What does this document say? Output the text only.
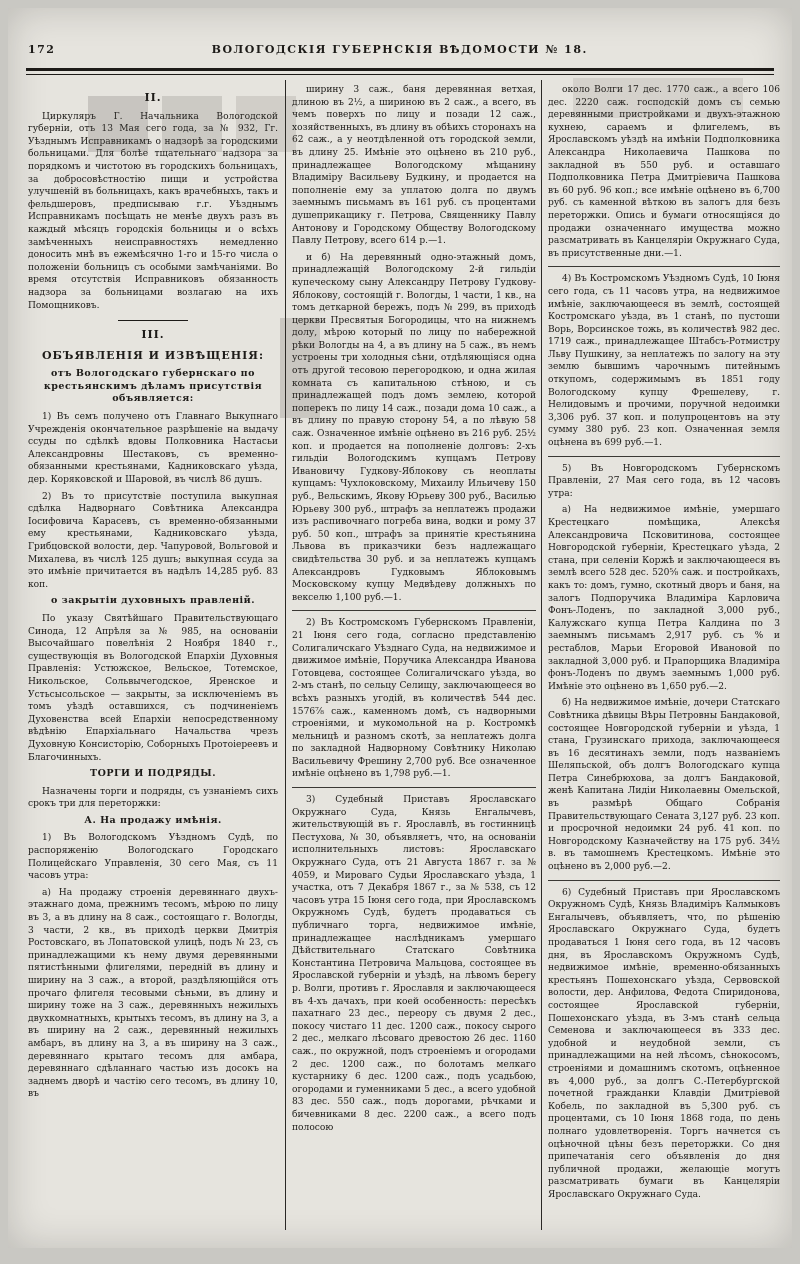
172	ВОЛОГОДСКІЯ ГУБЕРНСКІЯ ВѢДОМОСТИ № 18.
II.

Циркуляръ Г. Начальника Вологодской губерніи, отъ 13 Мая сего года, за № 932, Гг. Уѣзднымъ Исправникамъ о надзорѣ за городскими больницами. Для болѣе тщательнаго надзора за порядкомъ и чистотою въ городскихъ больницахъ, за добросовѣстностію пищи и устройства улучшеній въ больницахъ, какъ врачебныхъ, такъ и фельдшеровъ, предписываю г.г. Уѣзднымъ Исправникамъ посѣщать не менѣе двухъ разъ въ каждый мѣсяцъ городскія больницы и о всѣхъ замѣченныхъ неисправностяхъ немедленно доносить мнѣ въ ежемѣсячно 1-го и 15-го числа о положеніи больницъ съ особыми замѣчаніями. Во время отсутствія Исправниковъ обязанность надзора за больницами возлагаю на ихъ Помощниковъ.

III.
ОБЪЯВЛЕНІЯ И ИЗВѢЩЕНІЯ:
отъ Вологодскаго губернскаго по крестьянскимъ дѣламъ присутствія объявляется:

1) Въ семъ получено отъ Главнаго Выкупнаго Учрежденія окончательное разрѣшеніе на выдачу ссуды по сдѣлкѣ вдовы Полковника Настасьи Александровны Шестаковъ, съ временно-обязанными крестьянами, Кадниковскаго уѣзда, дер. Коряковской и Шаровой, въ числѣ 86 душъ.

2) Въ то присутствіе поступила выкупная сдѣлка Надворнаго Совѣтника Александра Іосифовича Карасевъ, съ временно-обязанными ему крестьянами, Кадниковскаго уѣзда, Грибцовской волости, дер. Чапуровой, Вольговой и Михалева, въ числѣ 125 душъ; выкупная ссуда за это имѣніе причитается въ надѣлъ 14,285 руб. 83 коп.

о закрытіи духовныхъ правленій.

По указу Святѣйшаго Правительствующаго Синода, 12 Апрѣля за № 985, на основаніи Высочайшаго повелѣнія 2 Ноября 1840 г., существующія въ Вологодской Епархіи Духовныя Правленія: Устюжское, Вельское, Тотемское, Никольское, Сольвычегодское, Яренское и Устьсысольское — закрыты, за исключеніемъ въ томъ уѣздѣ оставшихся, съ подчиненіемъ Духовенства всей Епархіи непосредственному вѣдѣнію Епархіальнаго Начальства чрезъ Духовную Консисторію, Соборныхъ Протоіереевъ и Благочинныхъ.

ТОРГИ И ПОДРЯДЫ.

Назначены торги и подряды, съ узнаніемъ сихъ срокъ три для переторжки:

А. На продажу имѣнія.

1) Въ Вологодскомъ Уѣздномъ Судѣ, по распоряженію Вологодскаго Городскаго Полицейскаго Управленія, 30 сего Мая, съ 11 часовъ утра:

а) На продажу строенія деревяннаго двухъ-этажнаго дома, прежнимъ тесомъ, мѣрою по лицу въ 3, а въ длину на 8 саж., состоящаго г. Вологды, 3 части, 2 кв., въ приходѣ церкви Дмитрія Ростовскаго, въ Лопатовской улицѣ, подъ № 23, съ принадлежащими къ нему двумя деревянными пятистѣнными флигелями, передній въ длину и ширину на 3 саж., а второй, раздѣляющійся отъ прочаго флигеля тесовыми сѣньми, въ длину и ширину тоже на 3 саж., деревянныхъ нежилыхъ двухкомнатныхъ, крытыхъ тесомъ, въ длину на 3, а въ ширину на 2 саж., деревянный нежилыхъ амбаръ, въ длину на 3, а въ ширину на 3 саж., деревяннаго крытаго тесомъ для амбара, деревяннаго сдѣланнаго частью изъ досокъ на заднемъ дворѣ и частію сего тесомъ, въ длину 10, въ

ширину 3 саж., баня деревянная ветхая, длиною въ 2½, а шириною въ 2 саж., а всего, въ чемъ поверхъ по лицу и позади 12 саж., хозяйственныхъ, въ длину въ обѣихъ сторонахъ на 62 саж., а у неотдѣленной отъ городской земли, въ длину 25. Имѣніе это оцѣнено въ 210 руб., принадлежащее Вологодскому мѣщанину Владиміру Васильеву Будкину, и продается на пополненіе ему за уплатою долга по двумъ заемнымъ письмамъ въ 161 руб. съ процентами душеприкащику г. Петрова, Священнику Павлу Антонову и Городскому Обществу Вологодскому Павлу Петрову, всего 614 р.—1.

и б) На деревянный одно-этажный домъ, принадлежащій Вологодскому 2-й гильдіи купеческому сыну Александру Петрову Гудкову-Яблокову, состоящій г. Вологды, 1 части, 1 кв., на томъ деткарной бережъ, подъ № 299, въ приходѣ церкви Пресвятыя Богородицы, что на нижнемъ долу, мѣрою который по лицу по набережной рѣки Вологды на 4, а въ длину на 5 саж., въ немъ устроены три холодныя сѣни, отдѣляющіяся одна отъ другой тесовою перегородкою, и одна жилая комната съ капитальною стѣною, и съ принадлежащей подъ домъ землею, которой поперекъ по лицу 14 саж., позади дома 10 саж., а въ длину по правую сторону 54, а по лѣвую 58 саж. Означенное имѣніе оцѣнено въ 216 руб. 25½ коп. и продается на пополненіе долговъ: 2-хъ гильдіи Вологодскимъ купцамъ Петрову Ивановичу Гудкову-Яблокову съ неоплаты купцамъ: Чухлоковскому, Михаилу Ильичеву 150 руб., Вельскимъ, Якову Юрьеву 300 руб., Василью Юрьеву 300 руб., штрафъ за неплатежъ продажи изъ распивочнаго погреба вина, водки и рому 37 руб. 50 коп., штрафъ за принятіе крестьянина Львова въ приказчики безъ надлежащаго свидѣтельства 30 руб. и за неплатежъ купцамъ Александровъ Гудковымъ Яблоковымъ Московскому купцу Медвѣдеву должныхъ по векселю 1,100 руб.—1.

2) Въ Костромскомъ Губернскомъ Правленіи, 21 Іюня сего года, согласно представленію Солигаличскаго Уѣзднаго Суда, на недвижимое и движимое имѣніе, Поручика Александра Иванова Готовцева, состоящее Солигаличскаго уѣзда, во 2-мъ станѣ, по сельцу Селищу, заключающееся во всѣхъ разныхъ угодій, въ количествѣ 544 дес. 1576⅞ саж., каменномъ домѣ, съ надворными строеніями, и мукомольной на р. Костромкѣ мельницѣ и разномъ скотѣ, за неплатежъ долга по закладной Надворному Совѣтнику Николаю Васильевичу Фрешину 2,700 руб. Все означенное имѣніе оцѣнено въ 1,798 руб.—1.

3) Судебный Приставъ Ярославскаго Окружнаго Суда, Князь Енгалычевъ, жительствующій въ г. Ярославлѣ, въ гостинницѣ Пестухова, № 30, объявляетъ, что, на основаніи исполнительныхъ листовъ: Ярославскаго Окружнаго Суда, отъ 21 Августа 1867 г. за № 4059, и Мироваго Судьи Ярославскаго уѣзда, 1 участка, отъ 7 Декабря 1867 г., за № 538, съ 12 часовъ утра 15 Іюня сего года, при Ярославскомъ Окружномъ Судѣ, будетъ продаваться съ публичнаго торга, недвижимое имѣніе, принадлежащее наслѣдникамъ умершаго Дѣйствительнаго Статскаго Совѣтника Константина Петровича Мальцова, состоящее въ Ярославской губерніи и уѣздѣ, на лѣвомъ берегу р. Волги, противъ г. Ярославля и заключающееся въ 4-хъ дачахъ, при коей особенность: пересѣкъ пахатнаго 23 дес., переору съ двумя 2 дес., покосу чистаго 11 дес. 1200 саж., покосу сырого 2 дес., мелкаго лѣсоваго древостою 26 дес. 1160 саж., по окружной, подъ строеніемъ и огородами 2 дес. 1200 саж., по болотамъ мелкаго кустарнику 6 дес. 1200 саж., подъ усадьбою, огородами и гуменниками 5 дес., а всего удобной 83 дес. 550 саж., подъ дорогами, рѣчками и бичевниками 8 дес. 2200 саж., а всего подъ полосою

около Волги 17 дес. 1770 саж., а всего 106 дес. 2220 саж. господскій домъ съ семью деревянными пристройками и двухъ-этажною кухнею, сараемъ и флигелемъ, въ Ярославскомъ уѣздѣ на имѣніи Подполковника Александра Николаевича Пашкова по закладной въ 550 руб. и оставшаго Подполковника Петра Дмитріевича Пашкова въ 60 руб. 96 коп.; все имѣніе оцѣнено въ 6,700 руб. съ каменной вѣткою въ залогъ для безъ переторжки. Опись и бумаги относящіяся до продажи означеннаго имущества можно разсматривать въ Канцеляріи Окружнаго Суда, въ присутственные дни.—1.

4) Въ Костромскомъ Уѣздномъ Судѣ, 10 Іюня сего года, съ 11 часовъ утра, на недвижимое имѣніе, заключающееся въ землѣ, состоящей Костромскаго уѣзда, въ 1 станѣ, по пустоши Ворь, Ворсинское тожь, въ количествѣ 982 дес. 1719 саж., принадлежащее Штабсъ-Ротмистру Льву Пушкину, за неплатежъ по залогу на эту землю бывшимъ чарочнымъ питейнымъ откупомъ, содержимымъ въ 1851 году Вологодскому купцу Фрешелеву, г. Нелидовымъ и прочими, поручной недоимки 3,306 руб. 37 коп. и полупроцентовъ на эту сумму 380 руб. 23 коп. Означенная земля оцѣнена въ 699 руб.—1.

5) Въ Новгородскомъ Губернскомъ Правленіи, 27 Мая сего года, въ 12 часовъ утра:

а) На недвижимое имѣніе, умершаго Крестецкаго помѣщика, Алексѣя Александровича Псковитинова, состоящее Новгородской губерніи, Крестецкаго уѣзда, 2 стана, при селеніи Коржѣ и заключающееся въ землѣ всего 528 дес. 520⅝ саж. и постройкахъ, какъ то: домъ, гумно, скотный дворъ и баня, на залогъ Подпоручика Владиміра Карловича Фонъ-Лоденъ, по закладной 3,000 руб., Калужскаго купца Петра Калдина по 3 заемнымъ письмамъ 2,917 руб. съ % и рестаблов, Марьи Егоровой Ивановой по закладной 3,000 руб. и Прапорщика Владиміра фонъ-Лоденъ по двумъ заемнымъ 1,000 руб. Имѣніе это оцѣнено въ 1,650 руб.—2.

б) На недвижимое имѣніе, дочери Статскаго Совѣтника дѣвицы Вѣры Петровны Бандаковой, состоящее Новгородской губерніи и уѣзда, 1 стана, Грузинскаго прихода, заключающееся въ 16 десятинахъ земли, подъ названіемъ Шеляпьской, объ долгъ Вологодскаго купца Петра Синебрюхова, за долгъ Бандаковой, женѣ Капитана Лидіи Николаевны Омельской, въ размѣрѣ Общаго Собранія Правительствующаго Сената 3,127 руб. 23 коп. и просрочной недоимки 24 руб. 41 коп. по Новгородскому Казначейству на 175 руб. 34½ в. въ тамошнемъ Крестецкомъ. Имѣніе это оцѣнено въ 2,000 руб.—2.

6) Судебный Приставъ при Ярославскомъ Окружномъ Судѣ, Князь Владиміръ Калмыковъ Енгалычевъ, объявляетъ, что, по рѣшенію Ярославскаго Окружнаго Суда, будетъ продаваться 1 Іюня сего года, въ 12 часовъ дня, въ Ярославскомъ Окружномъ Судѣ, недвижимое имѣніе, временно-обязанныхъ крестьянъ Пошехонскаго уѣзда, Сервовской волости, дер. Анфилова, Федота Спиридонова, состоящее Ярославской губерніи, Пошехонскаго уѣзда, въ 3-мъ станѣ сельца Семенова и заключающееся въ 333 дес. удобной и неудобной земли, съ принадлежащими на ней лѣсомъ, сѣнокосомъ, строеніями и домашнимъ скотомъ, оцѣненное въ 4,000 руб., за долгъ С.-Петербургской почетной гражданки Клавдіи Дмитріевой Кобель, по закладной въ 5,300 руб. съ процентами, съ 10 Іюня 1868 года, по день полнаго удовлетворенія. Торгъ начнется съ оцѣночной цѣны безъ переторжки. Со дня припечатанія сего объявленія до дня публичной продажи, желающіе могутъ разсматривать бумаги въ Канцеляріи Ярославскаго Окружнаго Суда.
